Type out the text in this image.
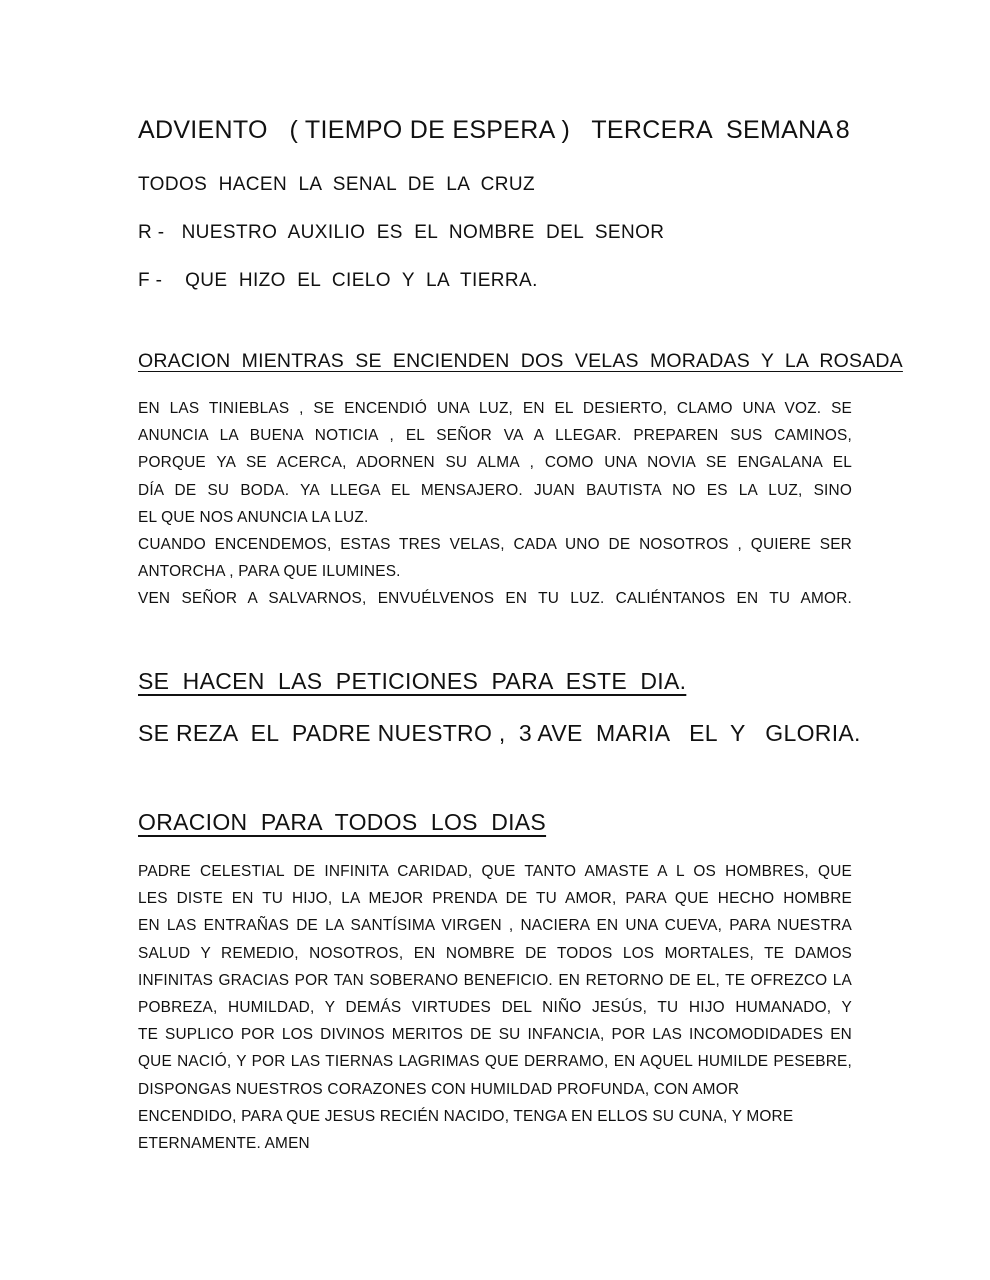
ADVIENTO   ( TIEMPO DE ESPERA )   TERCERA  SEMANA 8
TODOS  HACEN  LA  SENAL  DE  LA  CRUZ
R -   NUESTRO  AUXILIO  ES  EL  NOMBRE  DEL  SENOR
F -    QUE  HIZO  EL  CIELO  Y  LA  TIERRA.
ORACION  MIENTRAS  SE  ENCIENDEN  DOS  VELAS  MORADAS  Y  LA  ROSADA
EN LAS TINIEBLAS , SE ENCENDIÓ UNA LUZ, EN EL DESIERTO, CLAMO UNA VOZ. SE
ANUNCIA LA BUENA NOTICIA , EL SEÑOR VA A LLEGAR. PREPAREN SUS CAMINOS,
PORQUE YA SE ACERCA, ADORNEN SU ALMA , COMO UNA NOVIA SE ENGALANA EL
DÍA DE SU BODA. YA LLEGA EL MENSAJERO. JUAN BAUTISTA NO ES LA LUZ, SINO
EL QUE NOS ANUNCIA LA LUZ.
CUANDO ENCENDEMOS, ESTAS TRES VELAS, CADA UNO DE NOSOTROS , QUIERE SER
ANTORCHA , PARA QUE ILUMINES.
VEN SEÑOR A SALVARNOS, ENVUÉLVENOS EN TU LUZ. CALIÉNTANOS EN TU AMOR.
SE  HACEN  LAS  PETICIONES  PARA  ESTE  DIA.
SE REZA  EL  PADRE NUESTRO ,  3 AVE  MARIA   EL  Y   GLORIA.
ORACION  PARA  TODOS  LOS  DIAS
PADRE CELESTIAL DE INFINITA CARIDAD, QUE TANTO AMASTE A L OS HOMBRES, QUE
LES DISTE EN TU HIJO, LA MEJOR PRENDA DE TU AMOR, PARA QUE HECHO HOMBRE
EN LAS ENTRAÑAS DE LA SANTÍSIMA VIRGEN , NACIERA EN UNA CUEVA, PARA NUESTRA
SALUD Y REMEDIO, NOSOTROS, EN NOMBRE DE TODOS LOS MORTALES, TE DAMOS
INFINITAS GRACIAS POR TAN SOBERANO BENEFICIO. EN RETORNO DE EL, TE OFREZCO LA
POBREZA, HUMILDAD, Y DEMÁS VIRTUDES DEL NIÑO JESÚS, TU HIJO HUMANADO, Y
TE SUPLICO POR LOS DIVINOS MERITOS DE SU INFANCIA, POR LAS INCOMODIDADES EN
QUE NACIÓ, Y POR LAS TIERNAS LAGRIMAS QUE DERRAMO, EN AQUEL HUMILDE PESEBRE,
DISPONGAS NUESTROS CORAZONES CON HUMILDAD PROFUNDA, CON AMOR
ENCENDIDO, PARA QUE JESUS RECIÉN NACIDO, TENGA EN ELLOS SU CUNA, Y MORE
ETERNAMENTE. AMEN
